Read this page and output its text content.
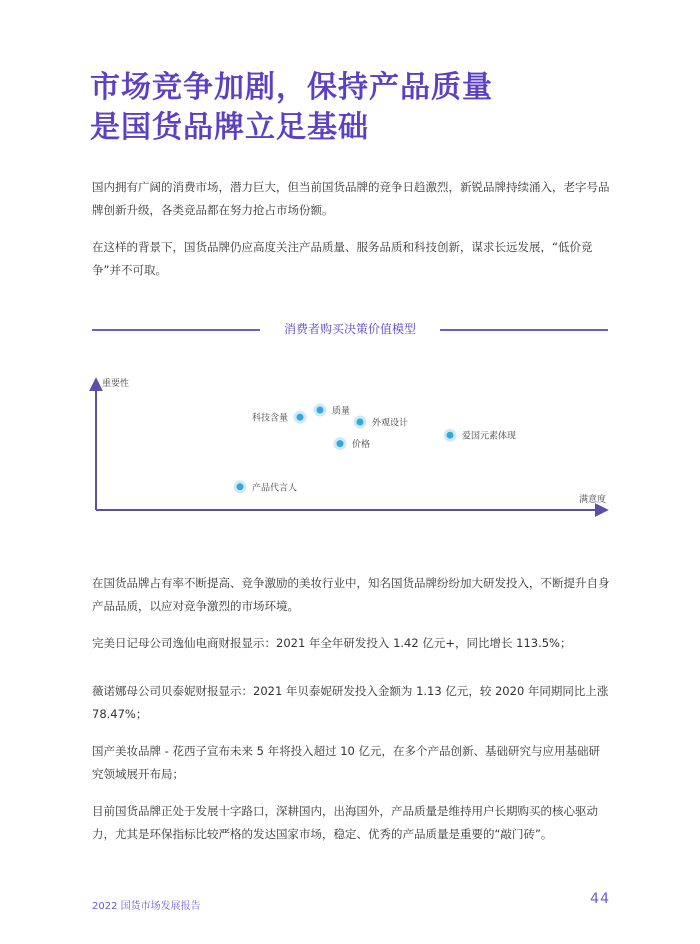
市场竞争加剧，保持产品质量
是国货品牌立足基础
国内拥有广阔的消费市场，潜力巨大，但当前国货品牌的竞争日趋激烈，新锐品牌持续涌入，老字号品牌创新升级，各类竞品都在努力抢占市场份额。
在这样的背景下，国货品牌仍应高度关注产品质量、服务品质和科技创新，谋求长远发展，“低价竞争”并不可取。
消费者购买决策价值模型
重要性
满意度
质量
科技含量	外观设计
爱国元素体现
价格
产品代言人
在国货品牌占有率不断提高、竞争激励的美妆行业中，知名国货品牌纷纷加大研发投入，不断提升自身产品品质，以应对竞争激烈的市场环境。
完美日记母公司逸仙电商财报显示：2021 年全年研发投入 1.42 亿元+，同比增长 113.5%；
薇诺娜母公司贝泰妮财报显示：2021 年贝泰妮研发投入金额为 1.13 亿元，较 2020 年同期同比上涨 78.47%；
国产美妆品牌 - 花西子宣布未来 5 年将投入超过 10 亿元，在多个产品创新、基础研究与应用基础研究领域展开布局；
目前国货品牌正处于发展十字路口，深耕国内，出海国外，产品质量是维持用户长期购买的核心驱动力，尤其是环保指标比较严格的发达国家市场，稳定、优秀的产品质量是重要的“敲门砖”。
2022 国货市场发展报告	44
